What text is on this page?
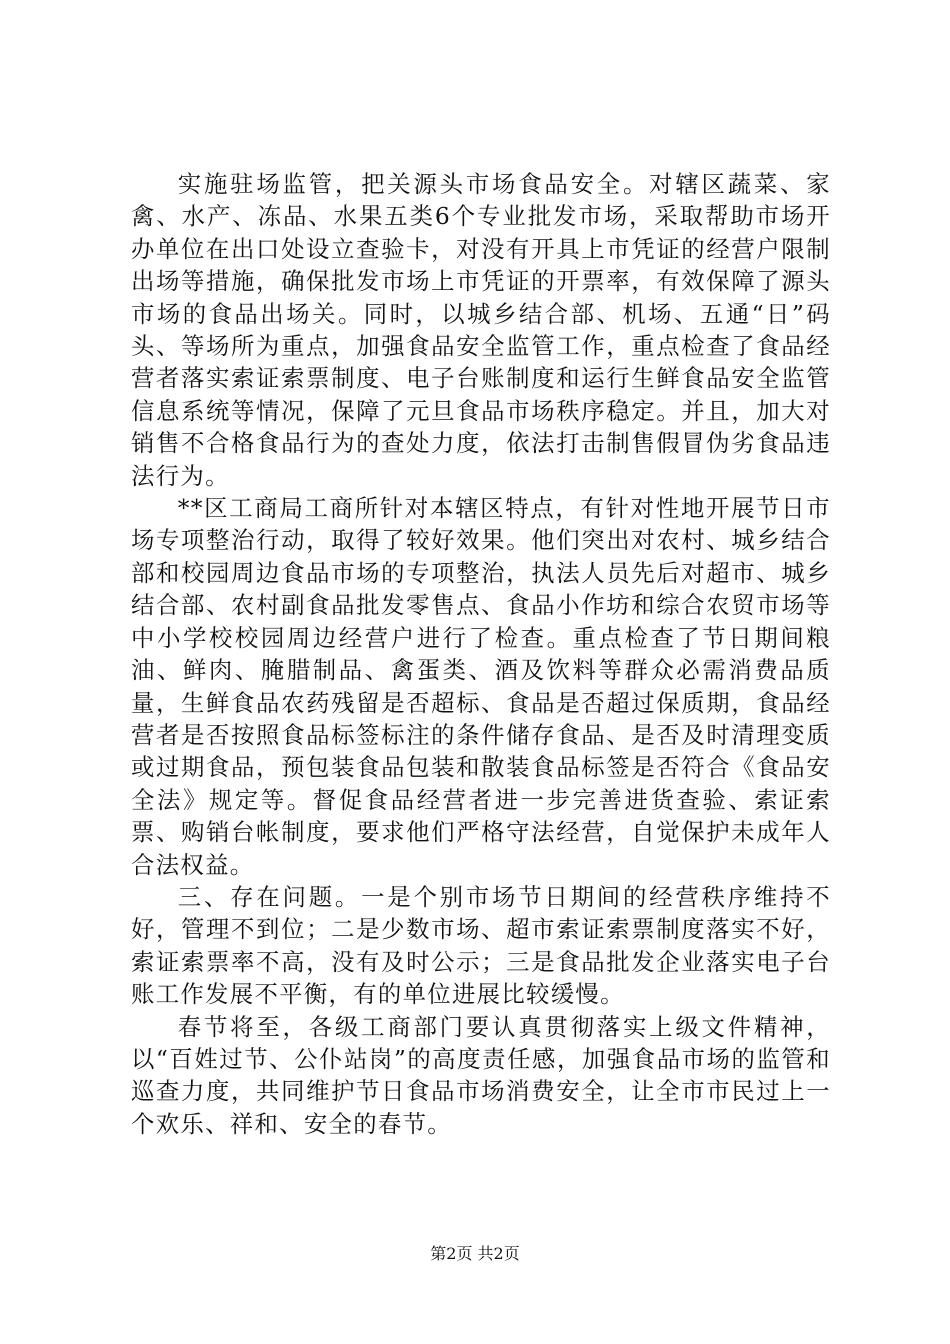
实施驻场监管，把关源头市场食品安全。对辖区蔬菜、家禽、水产、冻品、水果五类6个专业批发市场，采取帮助市场开办单位在出口处设立查验卡，对没有开具上市凭证的经营户限制出场等措施，确保批发市场上市凭证的开票率，有效保障了源头市场的食品出场关。同时，以城乡结合部、机场、五通“日”码头、等场所为重点，加强食品安全监管工作，重点检查了食品经营者落实索证索票制度、电子台账制度和运行生鲜食品安全监管信息系统等情况，保障了元旦食品市场秩序稳定。并且，加大对销售不合格食品行为的查处力度，依法打击制售假冒伪劣食品违法行为。

**区工商局工商所针对本辖区特点，有针对性地开展节日市场专项整治行动，取得了较好效果。他们突出对农村、城乡结合部和校园周边食品市场的专项整治，执法人员先后对超市、城乡结合部、农村副食品批发零售点、食品小作坊和综合农贸市场等中小学校校园周边经营户进行了检查。重点检查了节日期间粮油、鲜肉、腌腊制品、禽蛋类、酒及饮料等群众必需消费品质量，生鲜食品农药残留是否超标、食品是否超过保质期，食品经营者是否按照食品标签标注的条件储存食品、是否及时清理变质或过期食品，预包装食品包装和散装食品标签是否符合《食品安全法》规定等。督促食品经营者进一步完善进货查验、索证索票、购销台帐制度，要求他们严格守法经营，自觉保护未成年人合法权益。

三、存在问题。一是个别市场节日期间的经营秩序维持不好，管理不到位；二是少数市场、超市索证索票制度落实不好，索证索票率不高，没有及时公示；三是食品批发企业落实电子台账工作发展不平衡，有的单位进展比较缓慢。

春节将至，各级工商部门要认真贯彻落实上级文件精神，以“百姓过节、公仆站岗”的高度责任感，加强食品市场的监管和巡查力度，共同维护节日食品市场消费安全，让全市市民过上一个欢乐、祥和、安全的春节。

第2页 共2页
